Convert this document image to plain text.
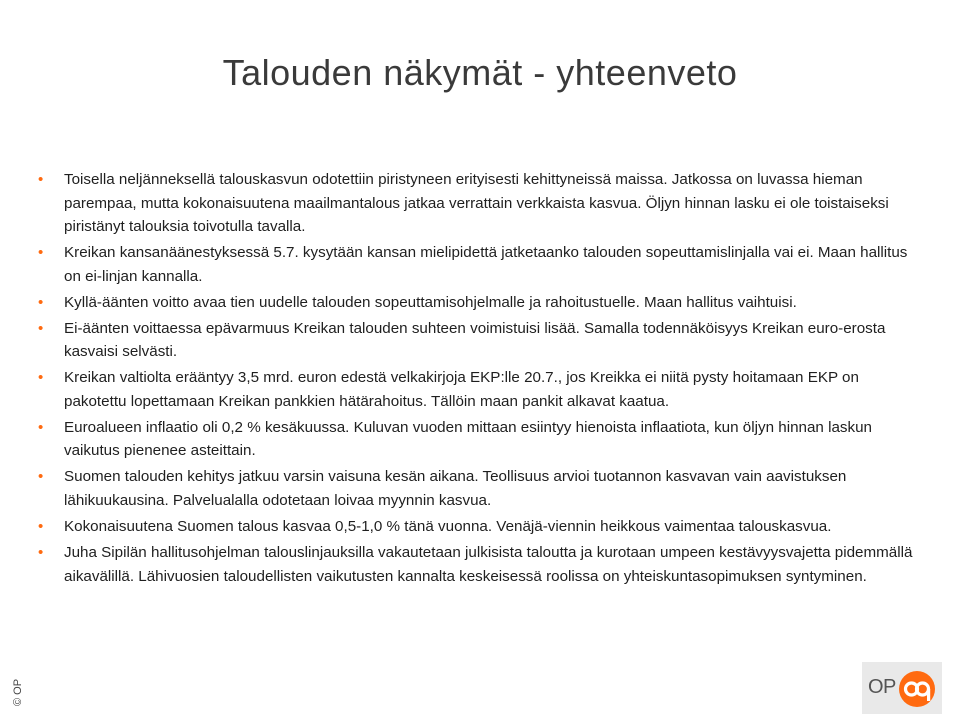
Talouden näkymät - yhteenveto
• Toisella neljänneksellä talouskasvun odotettiin piristyneen erityisesti kehittyneissä maissa. Jatkossa on luvassa hieman parempaa, mutta kokonaisuutena maailmantalous jatkaa verrattain verkkaista kasvua. Öljyn hinnan lasku ei ole toistaiseksi piristänyt talouksia toivotulla tavalla.
• Kreikan kansanäänestyksessä 5.7. kysytään kansan mielipidettä jatketaanko talouden sopeuttamislinjalla vai ei. Maan hallitus on ei-linjan kannalla.
• Kyllä-äänten voitto avaa tien uudelle talouden sopeuttamisohjelmalle ja rahoitustuelle. Maan hallitus vaihtuisi.
• Ei-äänten voittaessa epävarmuus Kreikan talouden suhteen voimistuisi lisää. Samalla todennäköisyys Kreikan euro-erosta kasvaisi selvästi.
• Kreikan valtiolta erääntyy 3,5 mrd. euron edestä velkakirjoja EKP:lle 20.7., jos Kreikka ei niitä pysty hoitamaan EKP on pakotettu lopettamaan Kreikan pankkien hätärahoitus. Tällöin maan pankit alkavat kaatua.
• Euroalueen inflaatio oli 0,2 % kesäkuussa. Kuluvan vuoden mittaan esiintyy hienoista inflaatiota, kun öljyn hinnan laskun vaikutus pienenee asteittain.
• Suomen talouden kehitys jatkuu varsin vaisuna kesän aikana. Teollisuus arvioi tuotannon kasvavan vain aavistuksen lähikuukausina. Palvelualalla odotetaan loivaa myynnin kasvua.
• Kokonaisuutena Suomen talous kasvaa 0,5-1,0 % tänä vuonna. Venäjä-viennin heikkous vaimentaa talouskasvua.
• Juha Sipilän hallitusohjelman talouslinjauksilla vakautetaan julkisista taloutta ja kurotaan umpeen kestävyysvajetta pidemmällä aikavälillä. Lähivuosien taloudellisten vaikutusten kannalta keskeisessä roolissa on yhteiskuntasopimuksen syntyminen.
© OP	OP
